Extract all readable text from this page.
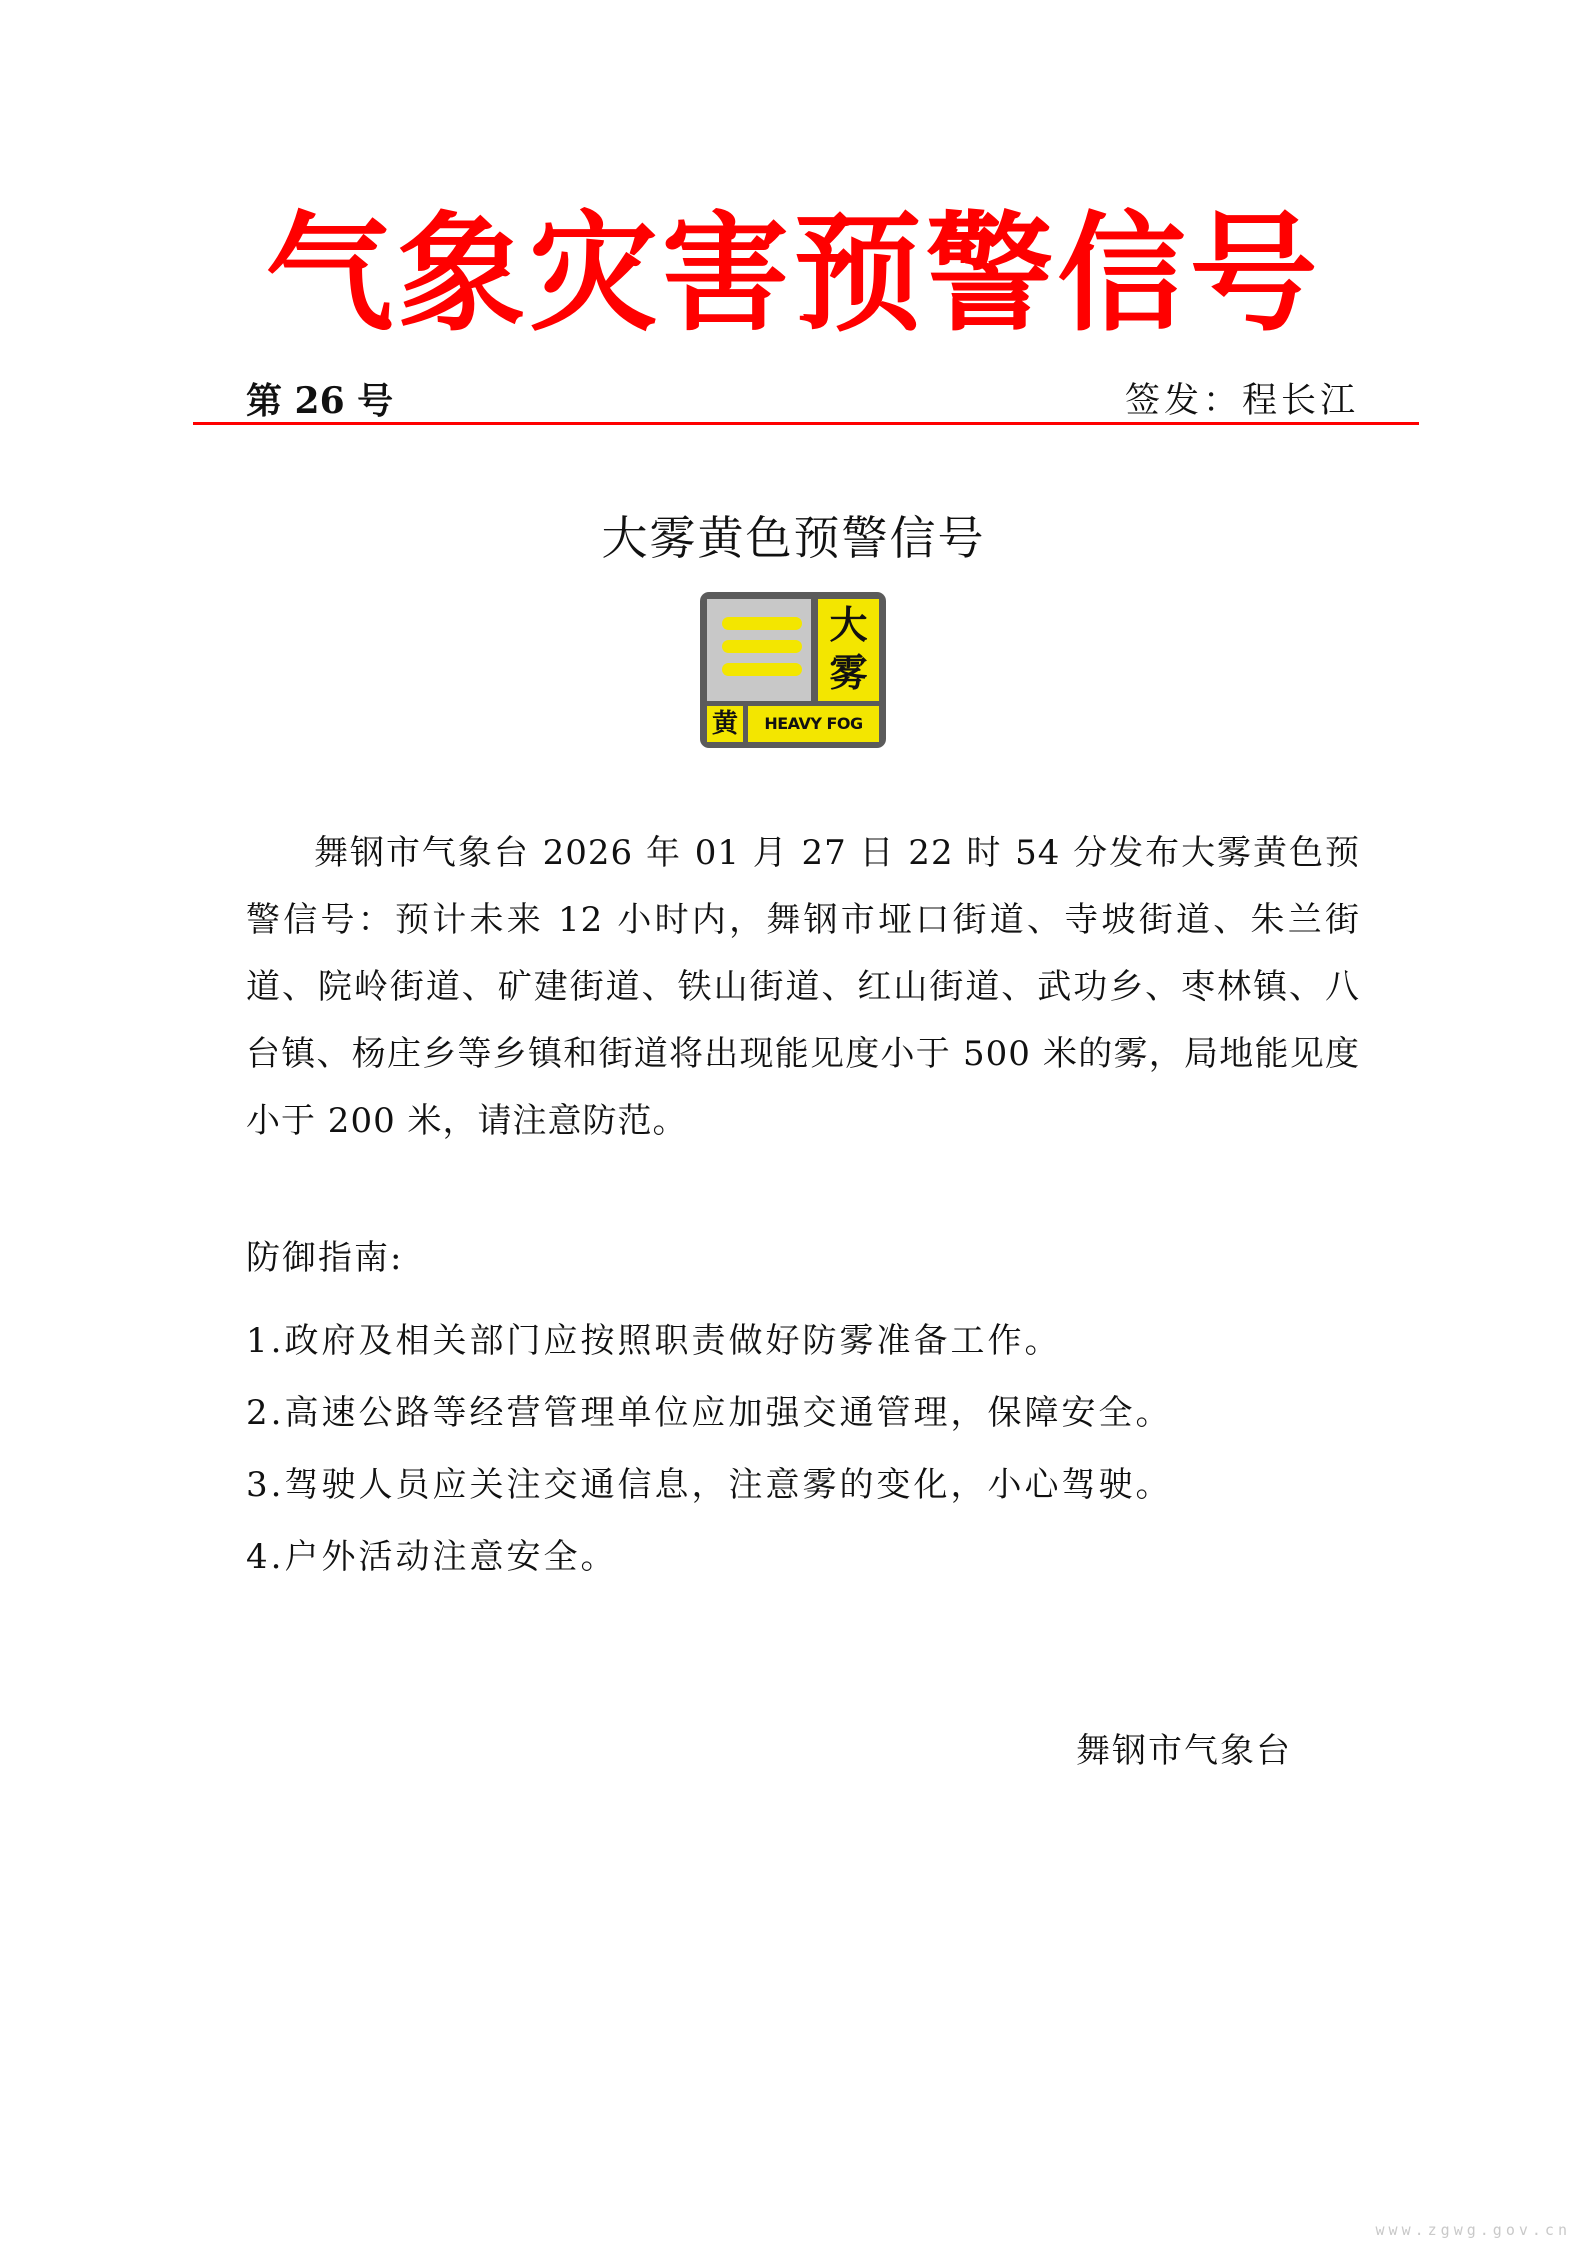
气象灾害预警信号
第 26 号	签发：程长江
大雾黄色预警信号
大
雾
黄	HEAVY FOG
舞钢市气象台 2026 年 01 月 27 日 22 时 54 分发布大雾黄色预警信号：预计未来 12 小时内，舞钢市垭口街道、寺坡街道、朱兰街道、院岭街道、矿建街道、铁山街道、红山街道、武功乡、枣林镇、八台镇、杨庄乡等乡镇和街道将出现能见度小于 500 米的雾，局地能见度小于 200 米，请注意防范。
防御指南:
1.政府及相关部门应按照职责做好防雾准备工作。
2.高速公路等经营管理单位应加强交通管理，保障安全。
3.驾驶人员应关注交通信息，注意雾的变化，小心驾驶。
4.户外活动注意安全。
舞钢市气象台
www.zgwg.gov.cn
